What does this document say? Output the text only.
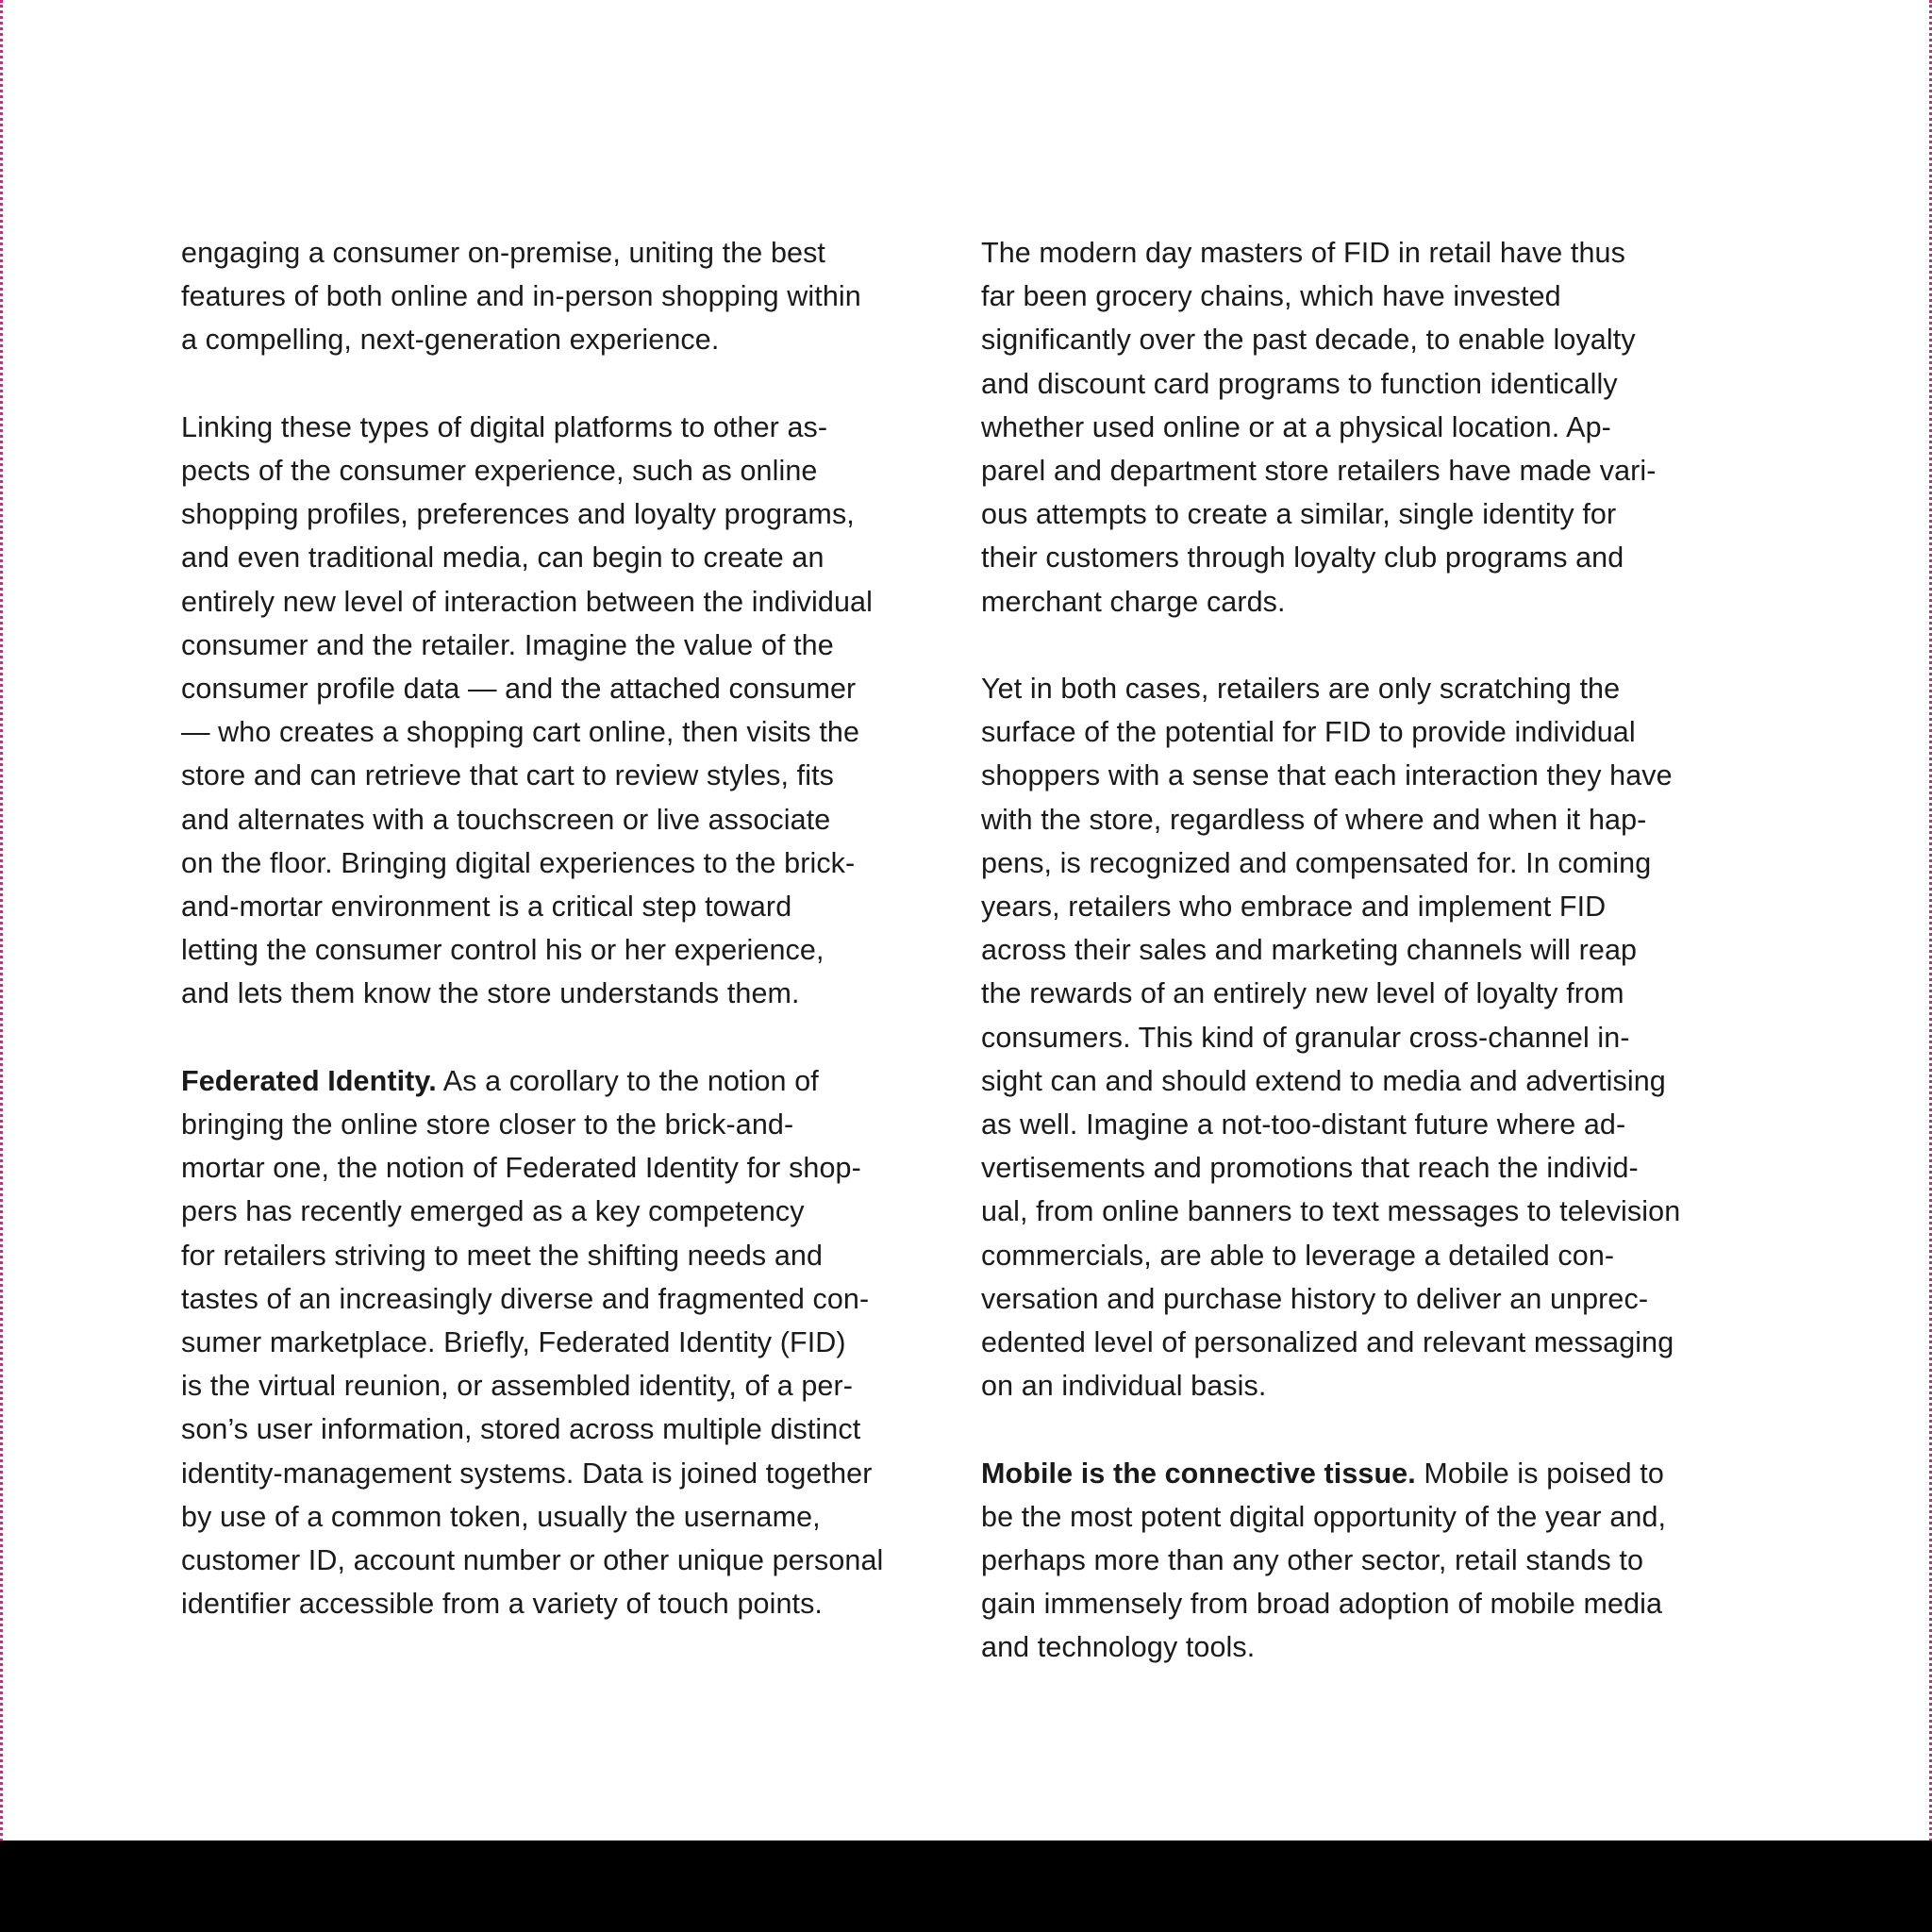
engaging a consumer on-premise, uniting the best
features of both online and in-person shopping within
a compelling, next-generation experience.
Linking these types of digital platforms to other as-
pects of the consumer experience, such as online
shopping profiles, preferences and loyalty programs,
and even traditional media, can begin to create an
entirely new level of interaction between the individual
consumer and the retailer. Imagine the value of the
consumer profile data — and the attached consumer
— who creates a shopping cart online, then visits the
store and can retrieve that cart to review styles, fits
and alternates with a touchscreen or live associate
on the floor. Bringing digital experiences to the brick-
and-mortar environment is a critical step toward
letting the consumer control his or her experience,
and lets them know the store understands them.
Federated Identity. As a corollary to the notion of
bringing the online store closer to the brick-and-
mortar one, the notion of Federated Identity for shop-
pers has recently emerged as a key competency
for retailers striving to meet the shifting needs and
tastes of an increasingly diverse and fragmented con-
sumer marketplace. Briefly, Federated Identity (FID)
is the virtual reunion, or assembled identity, of a per-
son’s user information, stored across multiple distinct
identity-management systems. Data is joined together
by use of a common token, usually the username,
customer ID, account number or other unique personal
identifier accessible from a variety of touch points.
The modern day masters of FID in retail have thus
far been grocery chains, which have invested
significantly over the past decade, to enable loyalty
and discount card programs to function identically
whether used online or at a physical location. Ap-
parel and department store retailers have made vari-
ous attempts to create a similar, single identity for
their customers through loyalty club programs and
merchant charge cards.
Yet in both cases, retailers are only scratching the
surface of the potential for FID to provide individual
shoppers with a sense that each interaction they have
with the store, regardless of where and when it hap-
pens, is recognized and compensated for. In coming
years, retailers who embrace and implement FID
across their sales and marketing channels will reap
the rewards of an entirely new level of loyalty from
consumers. This kind of granular cross-channel in-
sight can and should extend to media and advertising
as well. Imagine a not-too-distant future where ad-
vertisements and promotions that reach the individ-
ual, from online banners to text messages to television
commercials, are able to leverage a detailed con-
versation and purchase history to deliver an unprec-
edented level of personalized and relevant messaging
on an individual basis.
Mobile is the connective tissue. Mobile is poised to
be the most potent digital opportunity of the year and,
perhaps more than any other sector, retail stands to
gain immensely from broad adoption of mobile media
and technology tools.
